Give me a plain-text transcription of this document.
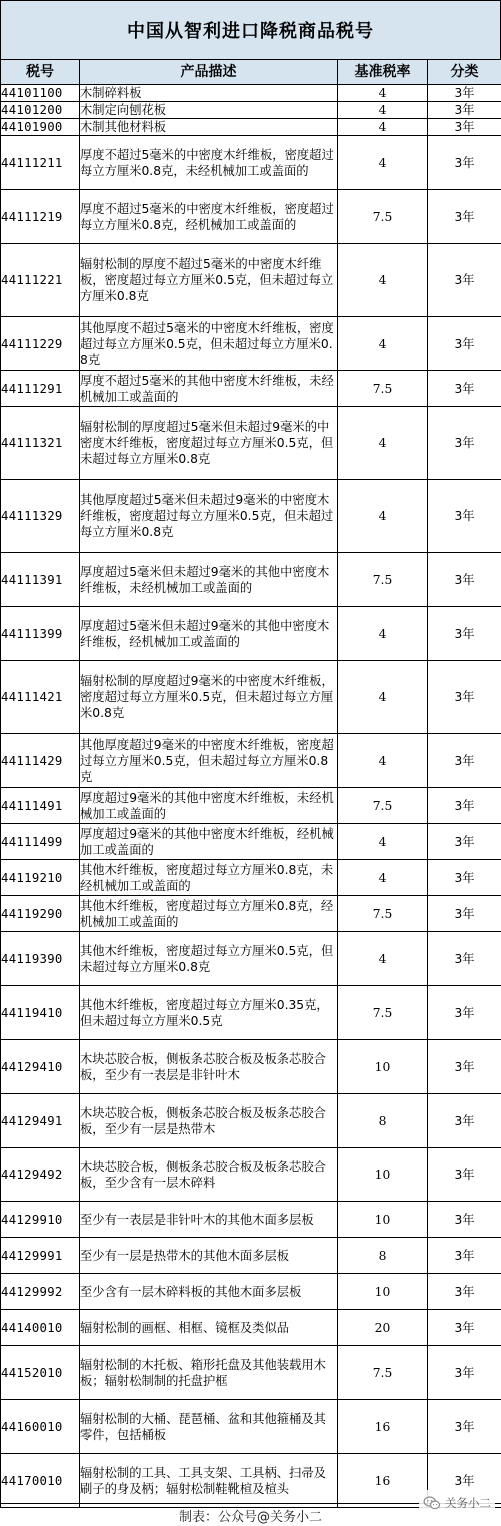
中国从智利进口降税商品税号
税号	产品描述	基准税率	分类
44101100	木制碎料板	4	3年
44101200	木制定向刨花板	4	3年
44101900	木制其他材料板	4	3年
44111211	厚度不超过5毫米的中密度木纤维板，密度超过每立方厘米0.8克，未经机械加工或盖面的	4	3年
44111219	厚度不超过5毫米的中密度木纤维板，密度超过每立方厘米0.8克，经机械加工或盖面的	7.5	3年
44111221	辐射松制的厚度不超过5毫米的中密度木纤维板，密度超过每立方厘米0.5克，但未超过每立方厘米0.8克	4	3年
44111229	其他厚度不超过5毫米的中密度木纤维板，密度超过每立方厘米0.5克，但未超过每立方厘米0.8克	4	3年
44111291	厚度不超过5毫米的其他中密度木纤维板，未经机械加工或盖面的	7.5	3年
44111321	辐射松制的厚度超过5毫米但未超过9毫米的中密度木纤维板，密度超过每立方厘米0.5克，但未超过每立方厘米0.8克	4	3年
44111329	其他厚度超过5毫米但未超过9毫米的中密度木纤维板，密度超过每立方厘米0.5克，但未超过每立方厘米0.8克	4	3年
44111391	厚度超过5毫米但未超过9毫米的其他中密度木纤维板，未经机械加工或盖面的	7.5	3年
44111399	厚度超过5毫米但未超过9毫米的其他中密度木纤维板，经机械加工或盖面的	4	3年
44111421	辐射松制的厚度超过9毫米的中密度木纤维板，密度超过每立方厘米0.5克，但未超过每立方厘米0.8克	4	3年
44111429	其他厚度超过9毫米的中密度木纤维板，密度超过每立方厘米0.5克，但未超过每立方厘米0.8克	4	3年
44111491	厚度超过9毫米的其他中密度木纤维板，未经机械加工或盖面的	7.5	3年
44111499	厚度超过9毫米的其他中密度木纤维板，经机械加工或盖面的	4	3年
44119210	其他木纤维板，密度超过每立方厘米0.8克，未经机械加工或盖面的	4	3年
44119290	其他木纤维板，密度超过每立方厘米0.8克，经机械加工或盖面的	7.5	3年
44119390	其他木纤维板，密度超过每立方厘米0.5克，但未超过每立方厘米0.8克	4	3年
44119410	其他木纤维板，密度超过每立方厘米0.35克，但未超过每立方厘米0.5克	7.5	3年
44129410	木块芯胶合板，侧板条芯胶合板及板条芯胶合板，至少有一表层是非针叶木	10	3年
44129491	木块芯胶合板，侧板条芯胶合板及板条芯胶合板，至少有一层是热带木	8	3年
44129492	木块芯胶合板，侧板条芯胶合板及板条芯胶合板，至少含有一层木碎料	10	3年
44129910	至少有一表层是非针叶木的其他木面多层板	10	3年
44129991	至少有一层是热带木的其他木面多层板	8	3年
44129992	至少含有一层木碎料板的其他木面多层板	10	3年
44140010	辐射松制的画框、相框、镜框及类似品	20	3年
44152010	辐射松制的木托板、箱形托盘及其他装载用木板；辐射松制制的托盘护框	7.5	3年
44160010	辐射松制的大桶、琵琶桶、盆和其他箍桶及其零件，包括桶板	16	3年
44170010	辐射松制的工具、工具支架、工具柄、扫帚及刷子的身及柄；辐射松制鞋靴楦及楦头	16	3年
制表：公众号@关务小二
关务小二
